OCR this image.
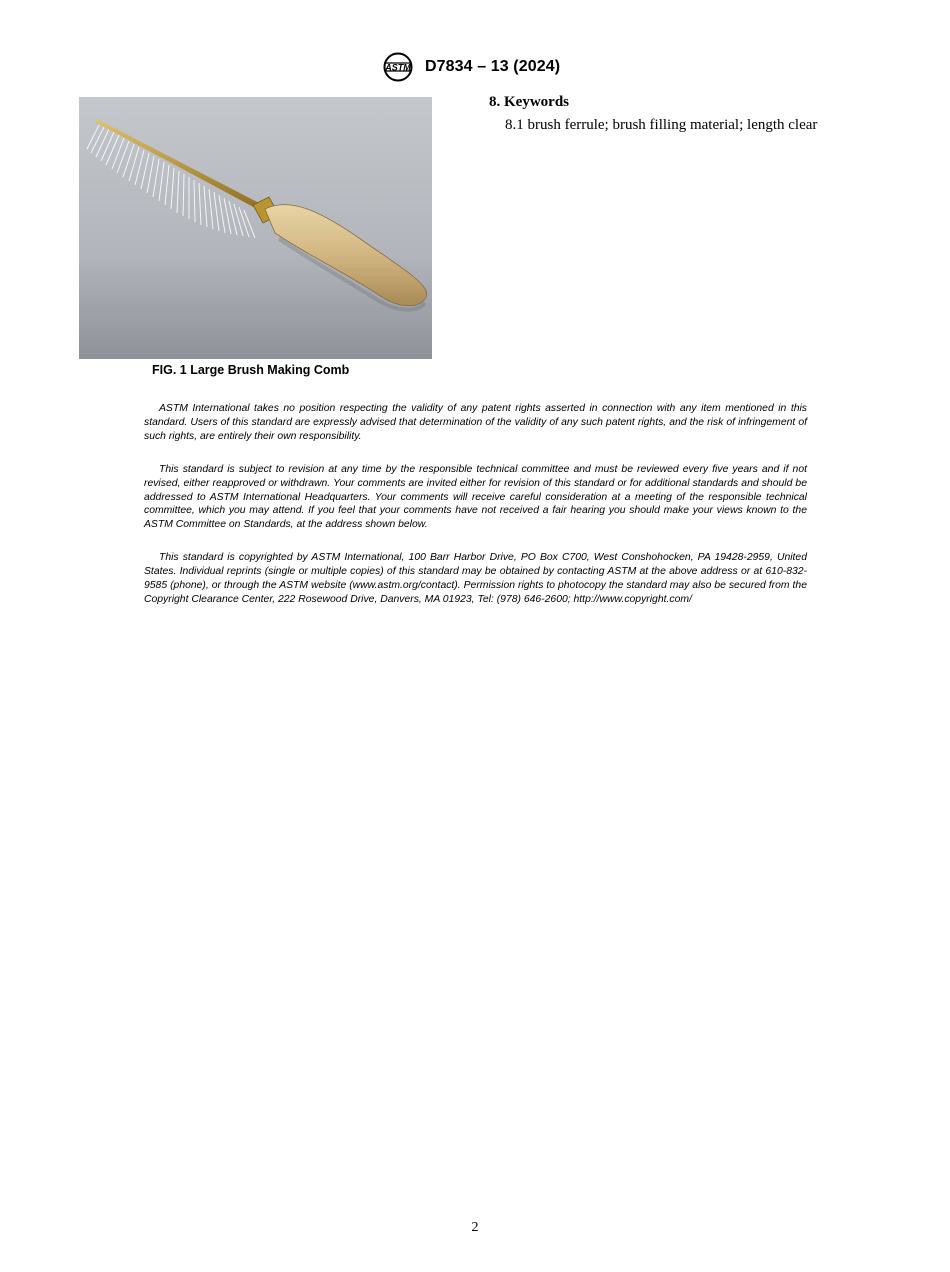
ASTM D7834 – 13 (2024)
FIG. 1 Large Brush Making Comb

8. Keywords

8.1 brush ferrule; brush filling material; length clear

ASTM International takes no position respecting the validity of any patent rights asserted in connection with any item mentioned in this standard. Users of this standard are expressly advised that determination of the validity of any such patent rights, and the risk of infringement of such rights, are entirely their own responsibility.

This standard is subject to revision at any time by the responsible technical committee and must be reviewed every five years and if not revised, either reapproved or withdrawn. Your comments are invited either for revision of this standard or for additional standards and should be addressed to ASTM International Headquarters. Your comments will receive careful consideration at a meeting of the responsible technical committee, which you may attend. If you feel that your comments have not received a fair hearing you should make your views known to the ASTM Committee on Standards, at the address shown below.

This standard is copyrighted by ASTM International, 100 Barr Harbor Drive, PO Box C700, West Conshohocken, PA 19428-2959, United States. Individual reprints (single or multiple copies) of this standard may be obtained by contacting ASTM at the above address or at 610-832-9585 (phone), or through the ASTM website (www.astm.org/contact). Permission rights to photocopy the standard may also be secured from the Copyright Clearance Center, 222 Rosewood Drive, Danvers, MA 01923, Tel: (978) 646-2600; http://www.copyright.com/

2
